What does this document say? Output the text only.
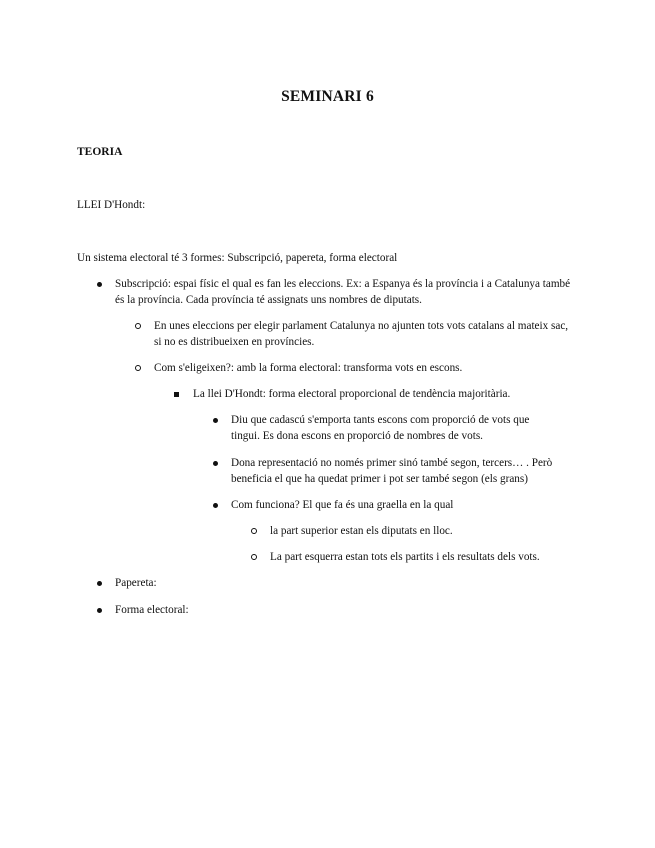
SEMINARI 6
TEORIA
LLEI D'Hondt:
Un sistema electoral té 3 formes: Subscripció, papereta, forma electoral
Subscripció: espai físic el qual es fan les eleccions. Ex: a Espanya és la província i a Catalunya també és la província. Cada província té assignats uns nombres de diputats.
En unes eleccions per elegir parlament Catalunya no ajunten tots vots catalans al mateix sac, si no es distribueixen en províncies.
Com s'eligeixen?: amb la forma electoral: transforma vots en escons.
La llei D'Hondt: forma electoral proporcional de tendència majoritària.
Diu que cadascú s'emporta tants escons com proporció de vots que tingui. Es dona escons en proporció de nombres de vots.
Dona representació no només primer sinó també segon, tercers… . Però beneficia el que ha quedat primer i pot ser també segon (els grans)
Com funciona? El que fa és una graella en la qual
la part superior estan els diputats en lloc.
La part esquerra estan tots els partits i els resultats dels vots.
Papereta:
Forma electoral:
